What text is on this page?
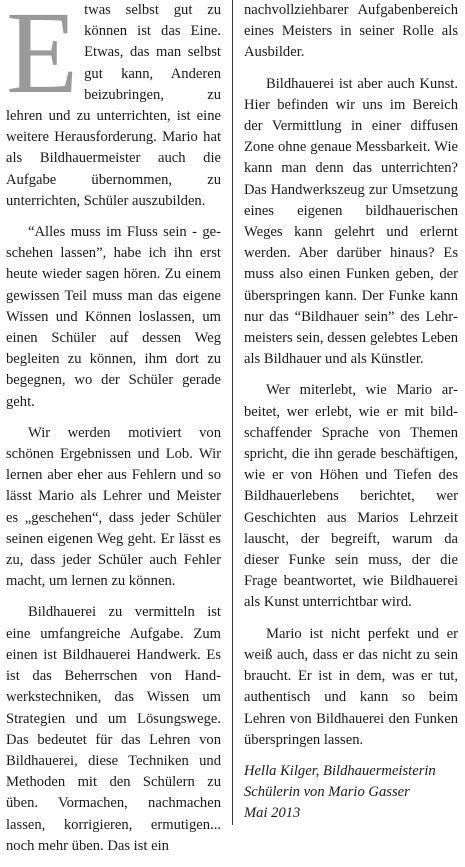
Etwas selbst gut zu können ist das Eine. Etwas, das man selbst gut kann, Anderen beizubringen, zu lehren und zu unterrichten, ist eine weitere Herausforderung. Mario hat als Bildhauermeister auch die Aufgabe übernommen, zu unterrichten, Schüler auszubilden.

“Alles muss im Fluss sein - geschehen lassen”, habe ich ihn erst heute wieder sagen hören. Zu einem gewissen Teil muss man das eigene Wissen und Können loslassen, um einen Schüler auf dessen Weg begleiten zu können, ihm dort zu begegnen, wo der Schüler gerade geht.

Wir werden motiviert von schönen Ergebnissen und Lob. Wir lernen aber eher aus Fehlern und so lässt Mario als Lehrer und Meister es „geschehen“, dass jeder Schüler seinen eigenen Weg geht. Er lässt es zu, dass jeder Schüler auch Fehler macht, um lernen zu können.

Bildhauerei zu vermitteln ist eine umfangreiche Aufgabe. Zum einen ist Bildhauerei Handwerk. Es ist das Beherrschen von Handwerkstechniken, das Wissen um Strategien und um Lösungswege. Das bedeutet für das Lehren von Bildhauerei, diese Techniken und Methoden mit den Schülern zu üben. Vormachen, nachmachen lassen, korrigieren, ermutigen... noch mehr üben. Das ist ein

nachvollziehbarer Aufgabenbereich eines Meisters in seiner Rolle als Ausbilder.

Bildhauerei ist aber auch Kunst. Hier befinden wir uns im Bereich der Vermittlung in einer diffusen Zone ohne genaue Messbarkeit. Wie kann man denn das unterrichten? Das Handwerkszeug zur Umsetzung eines eigenen bildhauerischen Weges kann gelehrt und erlernt werden. Aber darüber hinaus? Es muss also einen Funken geben, der überspringen kann. Der Funke kann nur das “Bildhauer sein” des Lehrmeisters sein, dessen gelebtes Leben als Bildhauer und als Künstler.

Wer miterlebt, wie Mario arbeitet, wer erlebt, wie er mit bildschaffender Sprache von Themen spricht, die ihn gerade beschäftigen, wie er von Höhen und Tiefen des Bildhauerlebens berichtet, wer Geschichten aus Marios Lehrzeit lauscht, der begreift, warum da dieser Funke sein muss, der die Frage beantwortet, wie Bildhauerei als Kunst unterrichtbar wird.

Mario ist nicht perfekt und er weiß auch, dass er das nicht zu sein braucht. Er ist in dem, was er tut, authentisch und kann so beim Lehren von Bildhauerei den Funken überspringen lassen.

Hella Kilger, Bildhauermeisterin
Schülerin von Mario Gasser
Mai 2013
